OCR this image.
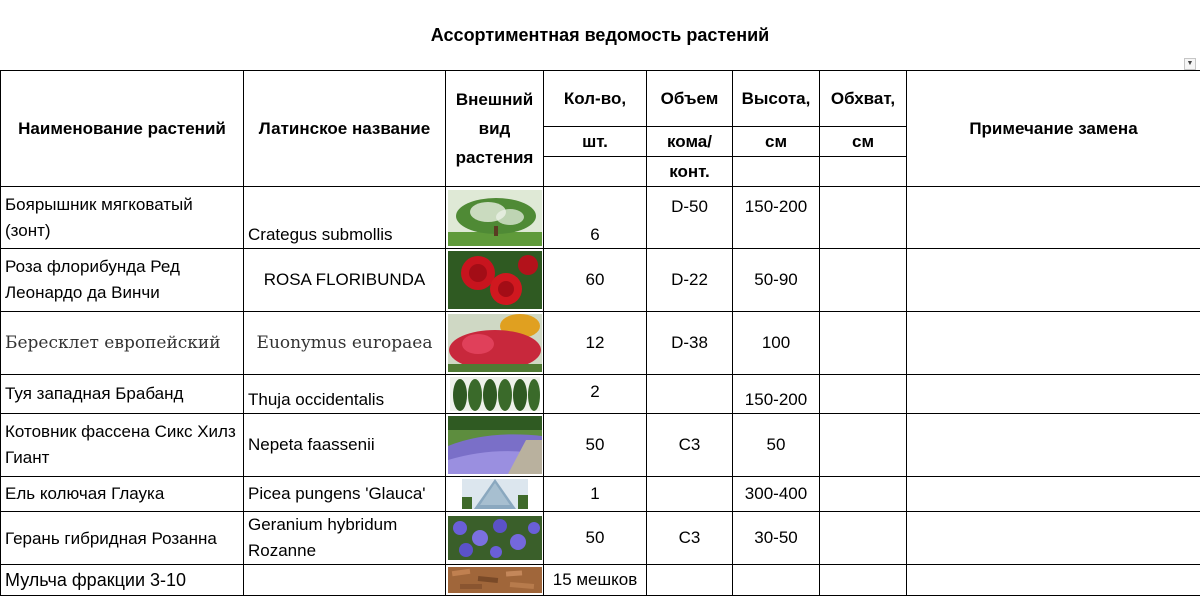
Ассортиментная ведомость растений
▼
Наименование растений	Латинское название	Внешний вид растения	Кол-во,	Объем	Высота,	Обхват,	Примечание замена
			шт.	кома/	см	см	
				конт.			
Боярышник мягковатый (зонт)	Crategus submollis		6	D-50	150-200		
Роза флорибунда Ред Леонардо да Винчи	ROSA FLORIBUNDA		60	D-22	50-90		
Бересклет европейский	Euonymus europaea		12	D-38	100		
Туя западная Брабанд	Thuja occidentalis		2		150-200		
Котовник фассена Сикс Хилз Гиант	Nepeta faassenii		50	C3	50		
Ель колючая Глаука	Picea pungens 'Glauca'		1		300-400		
Герань гибридная Розанна	Geranium hybridum Rozanne		50	C3	30-50		
Мульча фракции 3-10			15 мешков				
